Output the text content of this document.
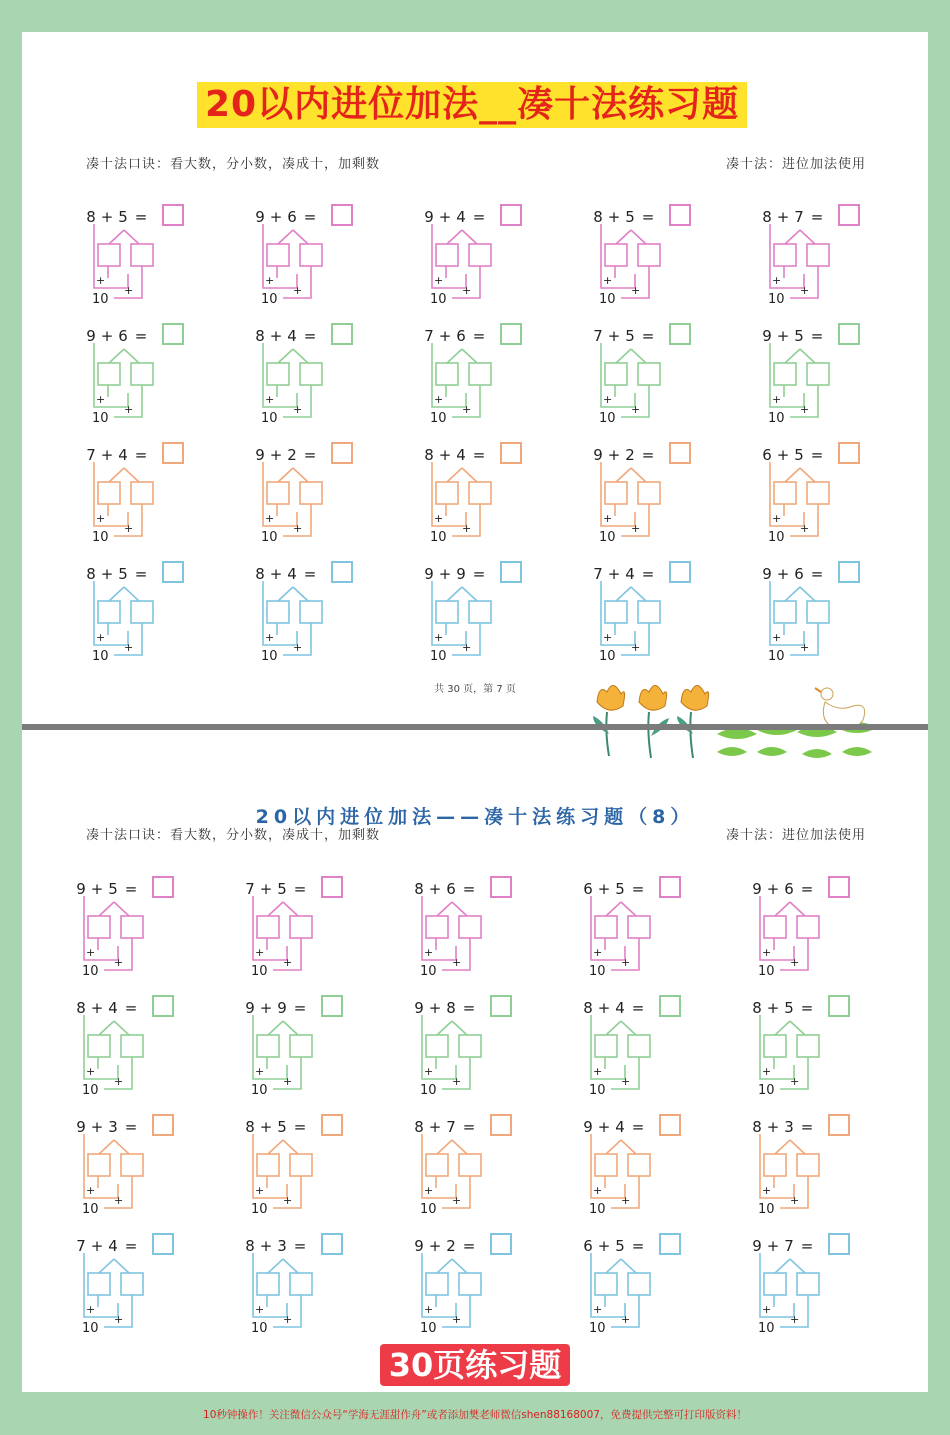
20以内进位加法__凑十法练习题
凑十法口诀：看大数，分小数，凑成十，加剩数	凑十法：进位加法使用
8 + 5 =
+
+
10
9 + 6 =
+
+
10
9 + 4 =
+
+
10
8 + 5 =
+
+
10
8 + 7 =
+
+
10
9 + 6 =
+
+
10
8 + 4 =
+
+
10
7 + 6 =
+
+
10
7 + 5 =
+
+
10
9 + 5 =
+
+
10
7 + 4 =
+
+
10
9 + 2 =
+
+
10
8 + 4 =
+
+
10
9 + 2 =
+
+
10
6 + 5 =
+
+
10
8 + 5 =
+
+
10
8 + 4 =
+
+
10
9 + 9 =
+
+
10
7 + 4 =
+
+
10
9 + 6 =
+
+
10
共 30 页，第 7 页
20以内进位加法——凑十法练习题（8）
凑十法口诀：看大数，分小数，凑成十，加剩数	凑十法：进位加法使用
9 + 5 =
+
+
10
7 + 5 =
+
+
10
8 + 6 =
+
+
10
6 + 5 =
+
+
10
9 + 6 =
+
+
10
8 + 4 =
+
+
10
9 + 9 =
+
+
10
9 + 8 =
+
+
10
8 + 4 =
+
+
10
8 + 5 =
+
+
10
9 + 3 =
+
+
10
8 + 5 =
+
+
10
8 + 7 =
+
+
10
9 + 4 =
+
+
10
8 + 3 =
+
+
10
7 + 4 =
+
+
10
8 + 3 =
+
+
10
9 + 2 =
+
+
10
6 + 5 =
+
+
10
9 + 7 =
+
+
10
30页练习题
10秒钟操作！关注微信公众号“学海无涯甜作舟”或者添加樊老师微信shen88168007，免费提供完整可打印版资料！
